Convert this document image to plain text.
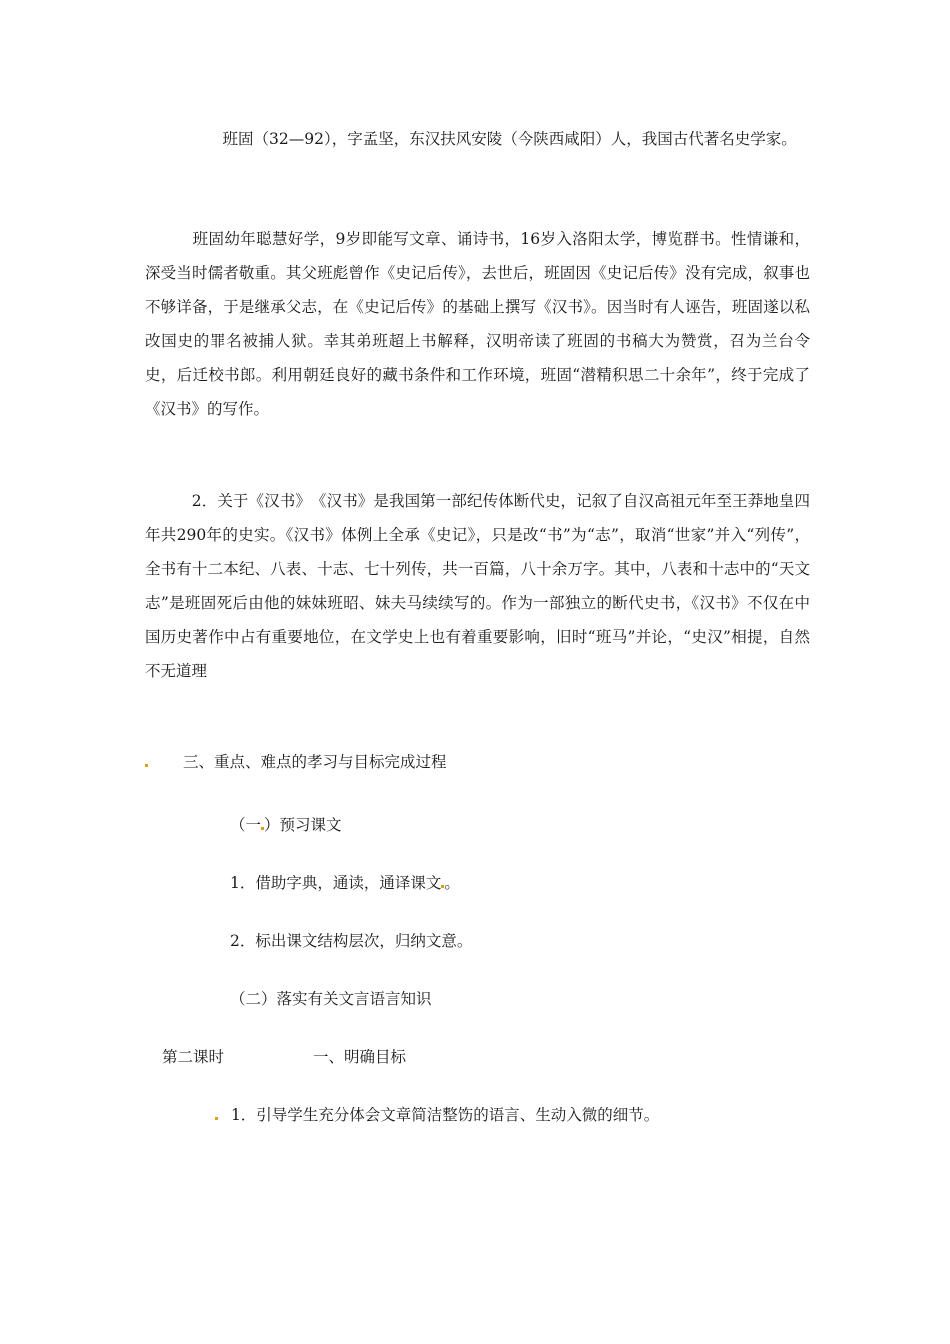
　　　　　班固（32—92），字孟坚，东汉扶风安陵（今陕西咸阳）人，我国古代著名史学家。

　　　班固幼年聪慧好学，9岁即能写文章、诵诗书，16岁入洛阳太学，博览群书。性情谦和，深受当时儒者敬重。其父班彪曾作《史记后传》，去世后，班固因《史记后传》没有完成，叙事也不够详备，于是继承父志，在《史记后传》的基础上撰写《汉书》。因当时有人诬告，班固遂以私改国史的罪名被捕人狱。幸其弟班超上书解释，汉明帝读了班固的书稿大为赞赏，召为兰台令史，后迁校书郎。利用朝廷良好的藏书条件和工作环境，班固“潜精积思二十余年”，终于完成了《汉书》的写作。

　　　2．关于《汉书》　《汉书》是我国第一部纪传体断代史，记叙了自汉高祖元年至王莽地皇四年共290年的史实。《汉书》体例上全承《史记》，只是改“书”为“志”，取消“世家”并入“列传”，全书有十二本纪、八表、十志、七十列传，共一百篇，八十余万字。其中，八表和十志中的“天文志”是班固死后由他的妹妹班昭、妹夫马续续写的。作为一部独立的断代史书，《汉书》不仅在中国历史著作中占有重要地位，在文学史上也有着重要影响，旧时“班马”并论，“史汉”相提，自然不无道理

三、重点、难点的孝习与目标完成过程
（一 ）预习课文
1．借助字典，通读，通译课文 。
2．标出课文结构层次，归纳文意。
（二）落实有关文言语言知识
第二课时	一、明确目标
1．引导学生充分体会文章简洁整饬的语言、生动入微的细节。
